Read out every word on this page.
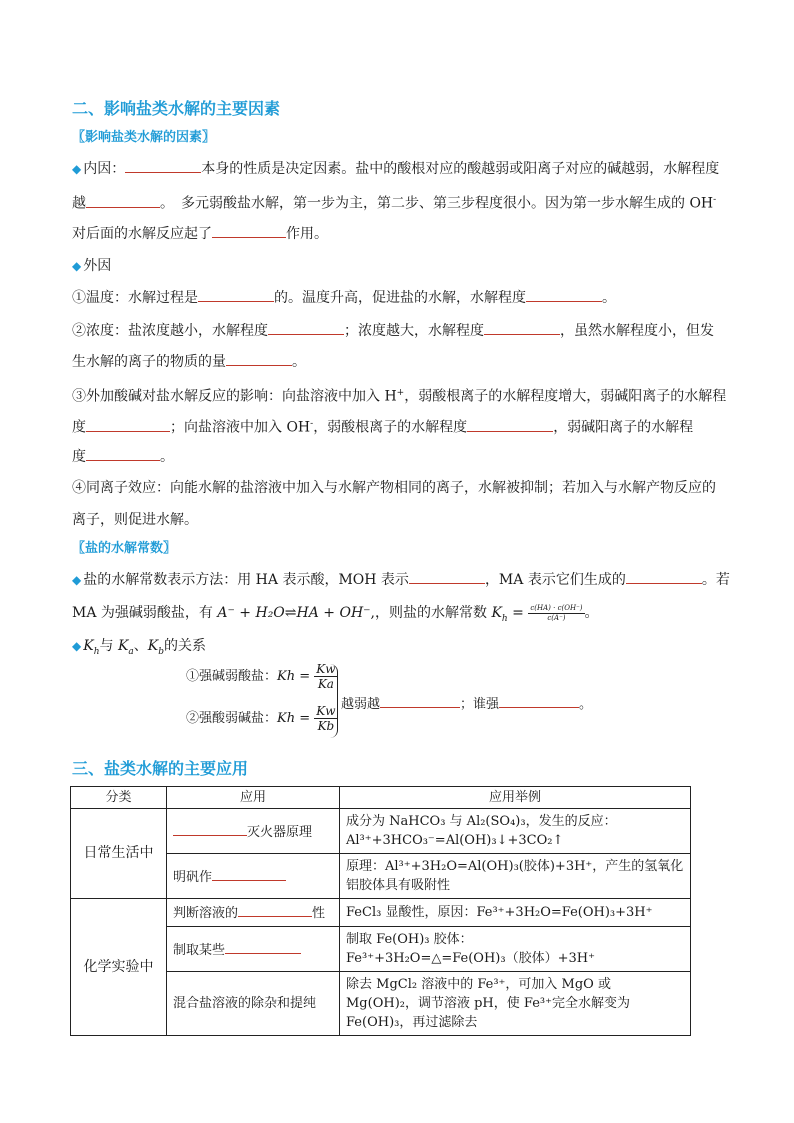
二、影响盐类水解的主要因素
〖影响盐类水解的因素〗
◆ 内因：	本身的性质是决定因素。盐中的酸根对应的酸越弱或阳离子对应的碱越弱，水解程度
越	。　多元弱酸盐水解，第一步为主，第二步、第三步程度很小。因为第一步水解生成的 OH-
对后面的水解反应起了	作用。
◆ 外因
①温度：水解过程是	的。温度升高，促进盐的水解，水解程度	。
②浓度：盐浓度越小，水解程度	；浓度越大，水解程度	，虽然水解程度小，但发
生水解的离子的物质的量	。
③外加酸碱对盐水解反应的影响：向盐溶液中加入 H+，弱酸根离子的水解程度增大，弱碱阳离子的水解程
度	；向盐溶液中加入 OH-，弱酸根离子的水解程度	，弱碱阳离子的水解程
度	。
④同离子效应：向能水解的盐溶液中加入与水解产物相同的离子，水解被抑制；若加入与水解产物反应的
离子，则促进水解。
〖盐的水解常数〗
◆ 盐的水解常数表示方法：用 HA 表示酸，MOH 表示	，MA 表示它们生成的	。若
MA 为强碱弱酸盐，有 A⁻ + H₂O⇌HA + OH⁻,，则盐的水解常数 $K_h = \frac{c(HA) \cdot c(OH^-)}{c(A^-)}$ 。
◆ $K_h$与 $K_a$、$K_b$的关系
①强碱弱酸盐：$Kh = \frac{Kw}{Ka}$
②强酸弱碱盐：$Kh = \frac{Kw}{Kb}$ 越弱越	；谁强	。
三、盐类水解的主要应用
分类	应用	应用举例
日常生活中	灭火器原理	成分为 NaHCO₃ 与 Al₂(SO₄)₃，发生的反应：
Al³⁺+3HCO₃⁻=Al(OH)₃↓+3CO₂↑

	明矾作	原理：Al³⁺+3H₂O=Al(OH)₃(胶体)+3H⁺，产生的氢氧化铝胶体具有吸附性
化学实验中	判断溶液的 性	FeCl₃ 显酸性，原因：Fe³⁺+3H₂O=Fe(OH)₃+3H⁺
	制取某些	制取 Fe(OH)₃ 胶体：
Fe³⁺+3H₂O=△=Fe(OH)₃（胶体）+3H⁺

	混合盐溶液的除杂和提纯	除去 MgCl₂ 溶液中的 Fe³⁺，可加入 MgO 或 Mg(OH)₂，调节溶液 pH，使 Fe³⁺完全水解变为 Fe(OH)₃，再过滤除去
